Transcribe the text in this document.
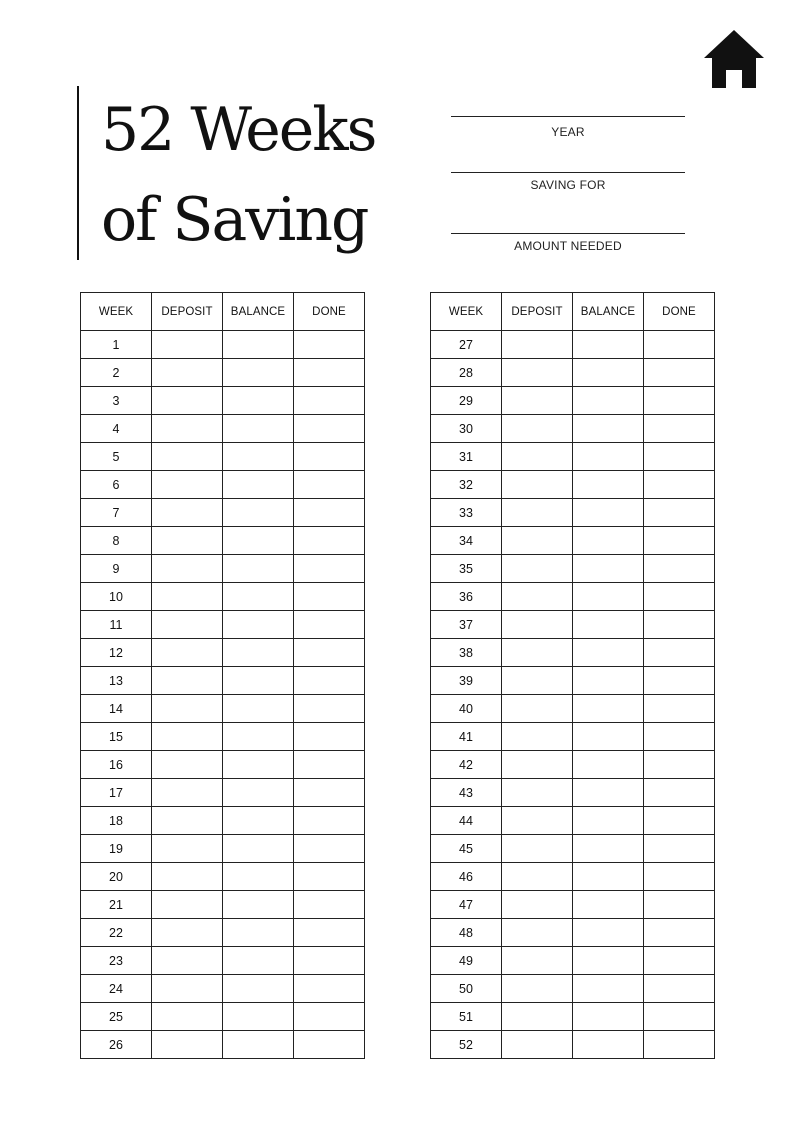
52 Weeks
of Saving
YEAR
SAVING FOR
AMOUNT NEEDED
WEEK	DEPOSIT	BALANCE	DONE
1			
2			
3			
4			
5			
6			
7			
8			
9			
10			
11			
12			
13			
14			
15			
16			
17			
18			
19			
20			
21			
22			
23			
24			
25			
26			
WEEK	DEPOSIT	BALANCE	DONE
27			
28			
29			
30			
31			
32			
33			
34			
35			
36			
37			
38			
39			
40			
41			
42			
43			
44			
45			
46			
47			
48			
49			
50			
51			
52			
